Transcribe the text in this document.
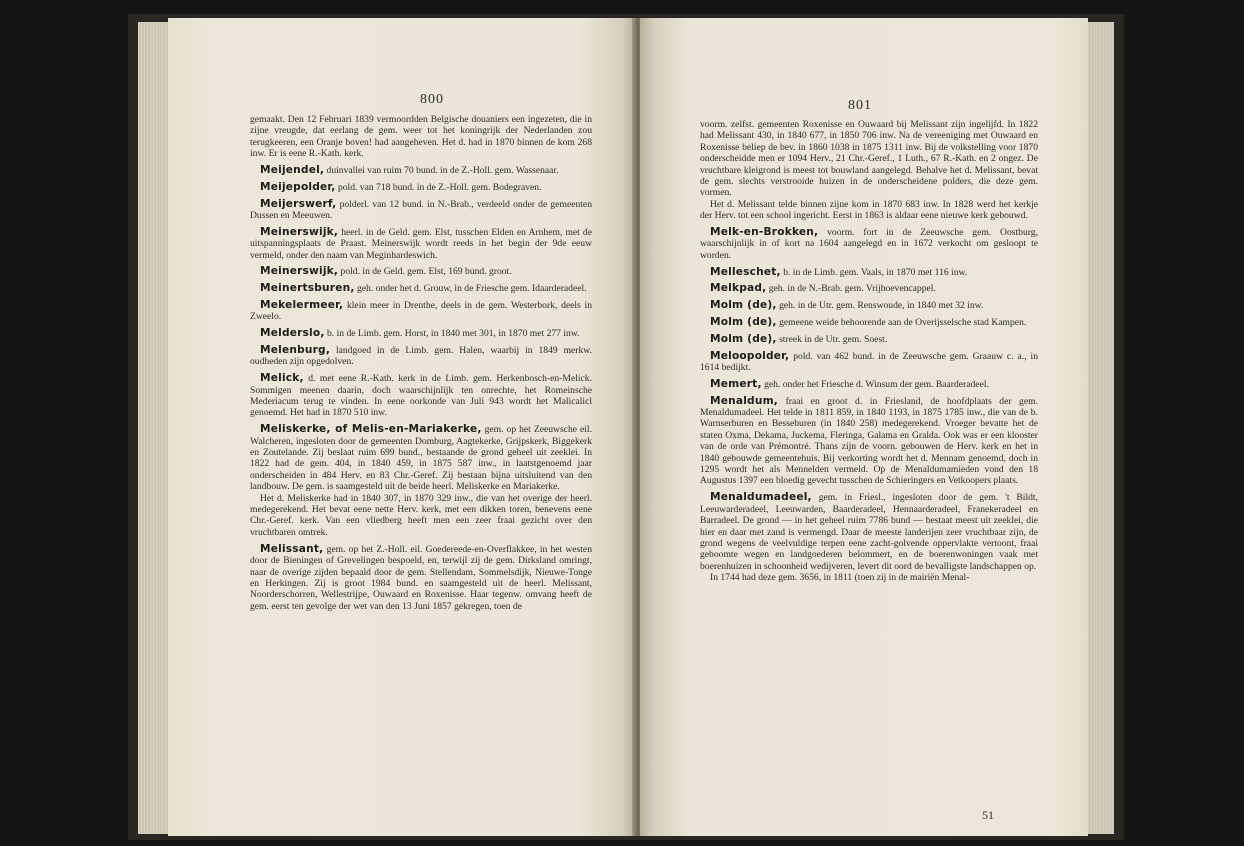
800

gemaakt. Den 12 Februari 1839 vermoordden Belgische douaniers een ingezeten, die in zijne vreugde, dat eerlang de gem. weer tot het koningrijk der Nederlanden zou terugkeeren, een Oranje boven! had aangeheven. Het d. had in 1870 binnen de kom 268 inw. Er is eene R.-Kath. kerk.

Meijendel, duinvallei van ruim 70 bund. in de Z.-Holl. gem. Wassenaar.

Meijepolder, pold. van 718 bund. in de Z.-Holl. gem. Bodegraven.

Meijerswerf, polderl. van 12 bund. in N.-Brab., verdeeld onder de gemeenten Dussen en Meeuwen.

Meinerswijk, heerl. in de Geld. gem. Elst, tusschen Elden en Arnhem, met de uitspanningsplaats de Praast. Meinerswijk wordt reeds in het begin der 9de eeuw vermeld, onder den naam van Meginhardeswich.

Meinerswijk, pold. in de Geld. gem. Elst, 169 bund. groot.

Meinertsburen, geh. onder het d. Grouw, in de Friesche gem. Idaarderadeel.

Mekelermeer, klein meer in Drenthe, deels in de gem. Westerbork, deels in Zweelo.

Melderslo, b. in de Limb. gem. Horst, in 1840 met 301, in 1870 met 277 inw.

Melenburg, landgoed in de Limb. gem. Halen, waarbij in 1849 merkw. oudheden zijn opgedolven.

Melick, d. met eene R.-Kath. kerk in de Limb. gem. Herkenbosch-en-Melick. Sommigen meenen daarin, doch waarschijnlijk ten onrechte, het Romeinsche Mederiacum terug te vinden. In eene oorkonde van Juli 943 wordt het Malicalicl genoemd. Het had in 1870 510 inw.

Meliskerke, of Melis-en-Mariakerke, gem. op het Zeeuwsche eil. Walcheren, ingesloten door de gemeenten Domburg, Aagtekerke, Grijpskerk, Biggekerk en Zoutelande. Zij beslaat ruim 699 bund., bestaande de grond geheel uit zeeklei. In 1822 had de gem. 404, in 1840 459, in 1875 587 inw., in laatstgenoemd jaar onderscheiden in 484 Herv. en 83 Chr.-Geref. Zij bestaan bijna uitsluitend van den landbouw. De gem. is saamgesteld uit de beide heerl. Meliskerke en Mariakerke.

Het d. Meliskerke had in 1840 307, in 1870 329 inw., die van het overige der heerl. medegerekend. Het bevat eene nette Herv. kerk, met een dikken toren, benevens eene Chr.-Geref. kerk. Van een vliedberg heeft men een zeer fraai gezicht over den vruchtbaren omtrek.

Melissant, gem. op het Z.-Holl. eil. Goedereede-en-Overflakkee, in het westen door de Bieningen of Grevelingen bespoeld, en, terwijl zij de gem. Dirksland omringt, naar de overige zijden bepaald door de gem. Stellendam, Sommelsdijk, Nieuwe-Tonge en Herkingen. Zij is groot 1984 bund. en saamgesteld uit de heerl. Melissant, Noorderschorren, Wellestrijpe, Ouwaard en Roxenisse. Haar tegenw. omvang heeft de gem. eerst ten gevolge der wet van den 13 Juni 1857 gekregen, toen de

801

voorm. zelfst. gemeenten Roxenisse en Ouwaard bij Melissant zijn ingelijfd. In 1822 had Melissant 430, in 1840 677, in 1850 706 inw. Na de vereeniging met Ouwaard en Roxenisse beliep de bev. in 1860 1038 in 1875 1311 inw. Bij de volkstelling voor 1870 onderscheidde men er 1094 Herv., 21 Chr.-Geref., 1 Luth., 67 R.-Kath. en 2 ongez. De vruchtbare kleigrond is meest tot bouwland aangelegd. Behalve het d. Melissant, bevat de gem. slechts verstrooide huizen in de onderscheidene polders, die deze gem. vormen.

Het d. Melissant telde binnen zijne kom in 1870 683 inw. In 1828 werd het kerkje der Herv. tot een school ingericht. Eerst in 1863 is aldaar eene nieuwe kerk gebouwd.

Melk-en-Brokken, voorm. fort in de Zeeuwsche gem. Oostburg, waarschijnlijk in of kort na 1604 aangelegd en in 1672 verkocht om gesloopt te worden.

Melleschet, b. in de Limb. gem. Vaals, in 1870 met 116 inw.

Melkpad, geh. in de N.-Brab. gem. Vrijhoevencappel.

Molm (de), geh. in de Utr. gem. Renswoude, in 1840 met 32 inw.

Molm (de), gemeene weide behoorende aan de Overijsselsche stad Kampen.

Molm (de), streek in de Utr. gem. Soest.

Meloopolder, pold. van 462 bund. in de Zeeuwsche gem. Graauw c. a., in 1614 bedijkt.

Memert, geh. onder het Friesche d. Winsum der gem. Baarderadeel.

Menaldum, fraai en groot d. in Friesland, de hoofdplaats der gem. Menaldumadeel. Het telde in 1811 859, in 1840 1193, in 1875 1785 inw., die van de b. Warnserburen en Besseburen (in 1840 258) medegerekend. Vroeger bevatte het de staten Oxma, Dekama, Juckema, Fleringa, Galama en Gralda. Ook was er een klooster van de orde van Prémontré. Thans zijn de voorn. gebouwen de Herv. kerk en het in 1840 gebouwde gemeentehuis. Bij verkorting wordt het d. Mennam genoemd, doch in 1295 wordt het als Mennelden vermeld. Op de Menaldumamieden vond den 18 Augustus 1397 een bloedig gevecht tusschen de Schieringers en Vetkoopers plaats.

Menaldumadeel, gem. in Friesl., ingesloten door de gem. 't Bildt, Leeuwarderadeel, Leeuwarden, Baarderadeel, Hennaarderadeel, Franekeradeel en Barradeel. De grond — in het geheel ruim 7786 bund — bestaat meest uit zeeklei, die hier en daar met zand is vermengd. Daar de meeste landerijen zeer vruchtbaar zijn, de grond wegens de veelvuldige terpen eene zacht-golvende oppervlakte vertoont, fraai geboomte wegen en landgoederen belommert, en de boerenwoningen vaak met boerenhuizen in schoonheid wedijveren, levert dit oord de bevalligste landschappen op.

In 1744 had deze gem. 3656, in 1811 (toen zij in de mairiën Menal-

51
